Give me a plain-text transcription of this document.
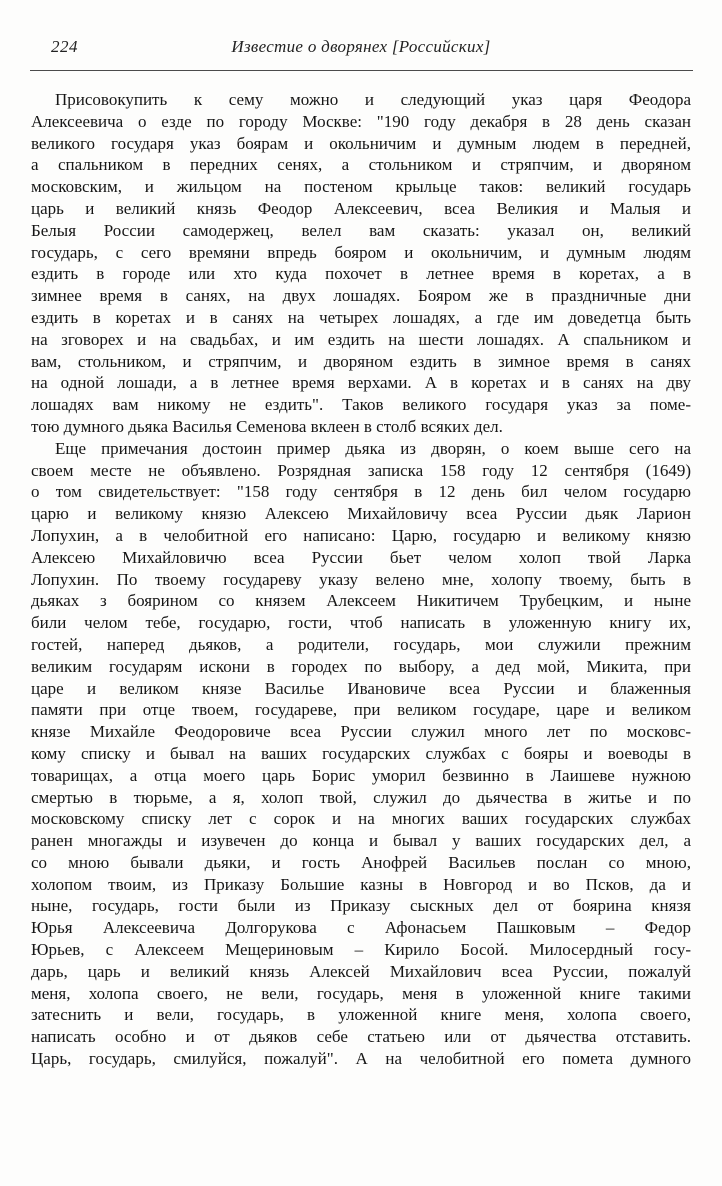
224	Известие о дворянех [Российских]
Присовокупить к сему можно и следующий указ царя Феодора
Алексеевича о езде по городу Москве: "190 году декабря в 28 день сказан
великого государя указ боярам и окольничим и думным людем в передней,
а спальником в передних сенях, а стольником и стряпчим, и дворяном
московским, и жильцом на постеном крыльце таков: великий государь
царь и великий князь Феодор Алексеевич, всеа Великия и Малыя и
Белыя России самодержец, велел вам сказать: указал он, великий
государь, с сего времяни впредь бояром и окольничим, и думным людям
ездить в городе или хто куда похочет в летнее время в коретах, а в
зимнее время в санях, на двух лошадях. Бояром же в праздничные дни
ездить в коретах и в санях на четырех лошадях, а где им доведетца быть
на зговорех и на свадьбах, и им ездить на шести лошадях. А спальником и
вам, стольником, и стряпчим, и дворяном ездить в зимное время в санях
на одной лошади, а в летнее время верхами. А в коретах и в санях на дву
лошадях вам никому не ездить". Таков великого государя указ за поме-
тою думного дьяка Василья Семенова вклеен в столб всяких дел.
Еще примечания достоин пример дьяка из дворян, о коем выше сего на
своем месте не объявлено. Розрядная записка 158 году 12 сентября (1649)
о том свидетельствует: "158 году сентября в 12 день бил челом государю
царю и великому князю Алексею Михайловичу всеа Руссии дьяк Ларион
Лопухин, а в челобитной его написано: Царю, государю и великому князю
Алексею Михайловичю всеа Руссии бьет челом холоп твой Ларка
Лопухин. По твоему государеву указу велено мне, холопу твоему, быть в
дьяках з боярином со князем Алексеем Никитичем Трубецким, и ныне
били челом тебе, государю, гости, чтоб написать в уложенную книгу их,
гостей, наперед дьяков, а родители, государь, мои служили прежним
великим государям искони в городех по выбору, а дед мой, Микита, при
царе и великом князе Василье Ивановиче всеа Руссии и блаженныя
памяти при отце твоем, государеве, при великом государе, царе и великом
князе Михайле Феодоровиче всеа Руссии служил много лет по московс-
кому списку и бывал на ваших государских службах с бояры и воеводы в
товарищах, а отца моего царь Борис уморил безвинно в Лаишеве нужною
смертью в тюрьме, а я, холоп твой, служил до дьячества в житье и по
московскому списку лет с сорок и на многих ваших государских службах
ранен многажды и изувечен до конца и бывал у ваших государских дел, а
со мною бывали дьяки, и гость Анофрей Васильев послан со мною,
холопом твоим, из Приказу Большие казны в Новгород и во Псков, да и
ныне, государь, гости были из Приказу сыскных дел от боярина князя
Юрья Алексеевича Долгорукова с Афонасьем Пашковым – Федор
Юрьев, с Алексеем Мещериновым – Кирило Босой. Милосердный госу-
дарь, царь и великий князь Алексей Михайлович всеа Руссии, пожалуй
меня, холопа своего, не вели, государь, меня в уложенной книге такими
затеснить и вели, государь, в уложенной книге меня, холопа своего,
написать особно и от дьяков себе статьею или от дьячества отставить.
Царь, государь, смилуйся, пожалуй". А на челобитной его помета думного
